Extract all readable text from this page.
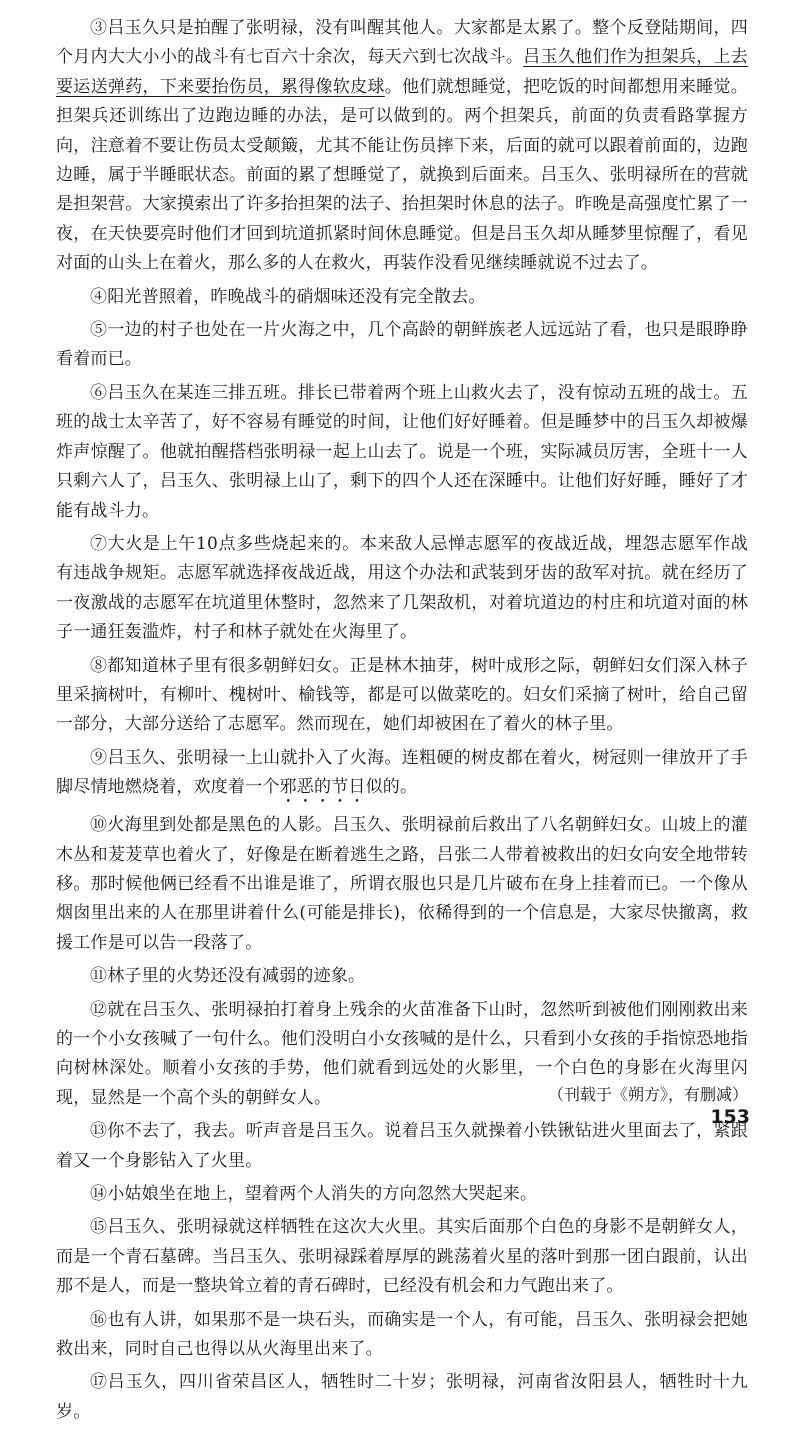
③吕玉久只是拍醒了张明禄，没有叫醒其他人。大家都是太累了。整个反登陆期间，四个月内大大小小的战斗有七百六十余次，每天六到七次战斗。吕玉久他们作为担架兵，上去要运送弹药，下来要抬伤员，累得像软皮球。他们就想睡觉，把吃饭的时间都想用来睡觉。担架兵还训练出了边跑边睡的办法，是可以做到的。两个担架兵，前面的负责看路掌握方向，注意着不要让伤员太受颠簸，尤其不能让伤员摔下来，后面的就可以跟着前面的，边跑边睡，属于半睡眠状态。前面的累了想睡觉了，就换到后面来。吕玉久、张明禄所在的营就是担架营。大家摸索出了许多抬担架的法子、抬担架时休息的法子。昨晚是高强度忙累了一夜，在天快要亮时他们才回到坑道抓紧时间休息睡觉。但是吕玉久却从睡梦里惊醒了，看见对面的山头上在着火，那么多的人在救火，再装作没看见继续睡就说不过去了。

④阳光普照着，昨晚战斗的硝烟味还没有完全散去。

⑤一边的村子也处在一片火海之中，几个高龄的朝鲜族老人远远站了看，也只是眼睁睁看着而已。

⑥吕玉久在某连三排五班。排长已带着两个班上山救火去了，没有惊动五班的战士。五班的战士太辛苦了，好不容易有睡觉的时间，让他们好好睡着。但是睡梦中的吕玉久却被爆炸声惊醒了。他就拍醒搭档张明禄一起上山去了。说是一个班，实际减员厉害，全班十一人只剩六人了，吕玉久、张明禄上山了，剩下的四个人还在深睡中。让他们好好睡，睡好了才能有战斗力。

⑦大火是上午10点多些烧起来的。本来敌人忌惮志愿军的夜战近战，埋怨志愿军作战有违战争规矩。志愿军就选择夜战近战，用这个办法和武装到牙齿的敌军对抗。就在经历了一夜激战的志愿军在坑道里休整时，忽然来了几架敌机，对着坑道边的村庄和坑道对面的林子一通狂轰滥炸，村子和林子就处在火海里了。

⑧都知道林子里有很多朝鲜妇女。正是林木抽芽，树叶成形之际，朝鲜妇女们深入林子里采摘树叶，有柳叶、槐树叶、榆钱等，都是可以做菜吃的。妇女们采摘了树叶，给自己留一部分，大部分送给了志愿军。然而现在，她们却被困在了着火的林子里。

⑨吕玉久、张明禄一上山就扑入了火海。连粗硬的树皮都在着火，树冠则一律放开了手脚尽情地燃烧着，欢度着一个邪恶的节日似的。

⑩火海里到处都是黑色的人影。吕玉久、张明禄前后救出了八名朝鲜妇女。山坡上的灌木丛和茇茇草也着火了，好像是在断着逃生之路，吕张二人带着被救出的妇女向安全地带转移。那时候他俩已经看不出谁是谁了，所谓衣服也只是几片破布在身上挂着而已。一个像从烟囱里出来的人在那里讲着什么(可能是排长)，依稀得到的一个信息是，大家尽快撤离，救援工作是可以告一段落了。

⑪林子里的火势还没有减弱的迹象。

⑫就在吕玉久、张明禄拍打着身上残余的火苗准备下山时，忽然听到被他们刚刚救出来的一个小女孩喊了一句什么。他们没明白小女孩喊的是什么，只看到小女孩的手指惊恐地指向树林深处。顺着小女孩的手势，他们就看到远处的火影里，一个白色的身影在火海里闪现，显然是一个高个头的朝鲜女人。

⑬你不去了，我去。听声音是吕玉久。说着吕玉久就操着小铁锹钻进火里面去了，紧跟着又一个身影钻入了火里。

⑭小姑娘坐在地上，望着两个人消失的方向忽然大哭起来。

⑮吕玉久、张明禄就这样牺牲在这次大火里。其实后面那个白色的身影不是朝鲜女人，而是一个青石墓碑。当吕玉久、张明禄踩着厚厚的跳荡着火星的落叶到那一团白跟前，认出那不是人，而是一整块耸立着的青石碑时，已经没有机会和力气跑出来了。

⑯也有人讲，如果那不是一块石头，而确实是一个人，有可能，吕玉久、张明禄会把她救出来，同时自己也得以从火海里出来了。

⑰吕玉久，四川省荣昌区人，牺牲时二十岁；张明禄，河南省汝阳县人，牺牲时十九岁。

（刊载于《朔方》，有删减）
153
